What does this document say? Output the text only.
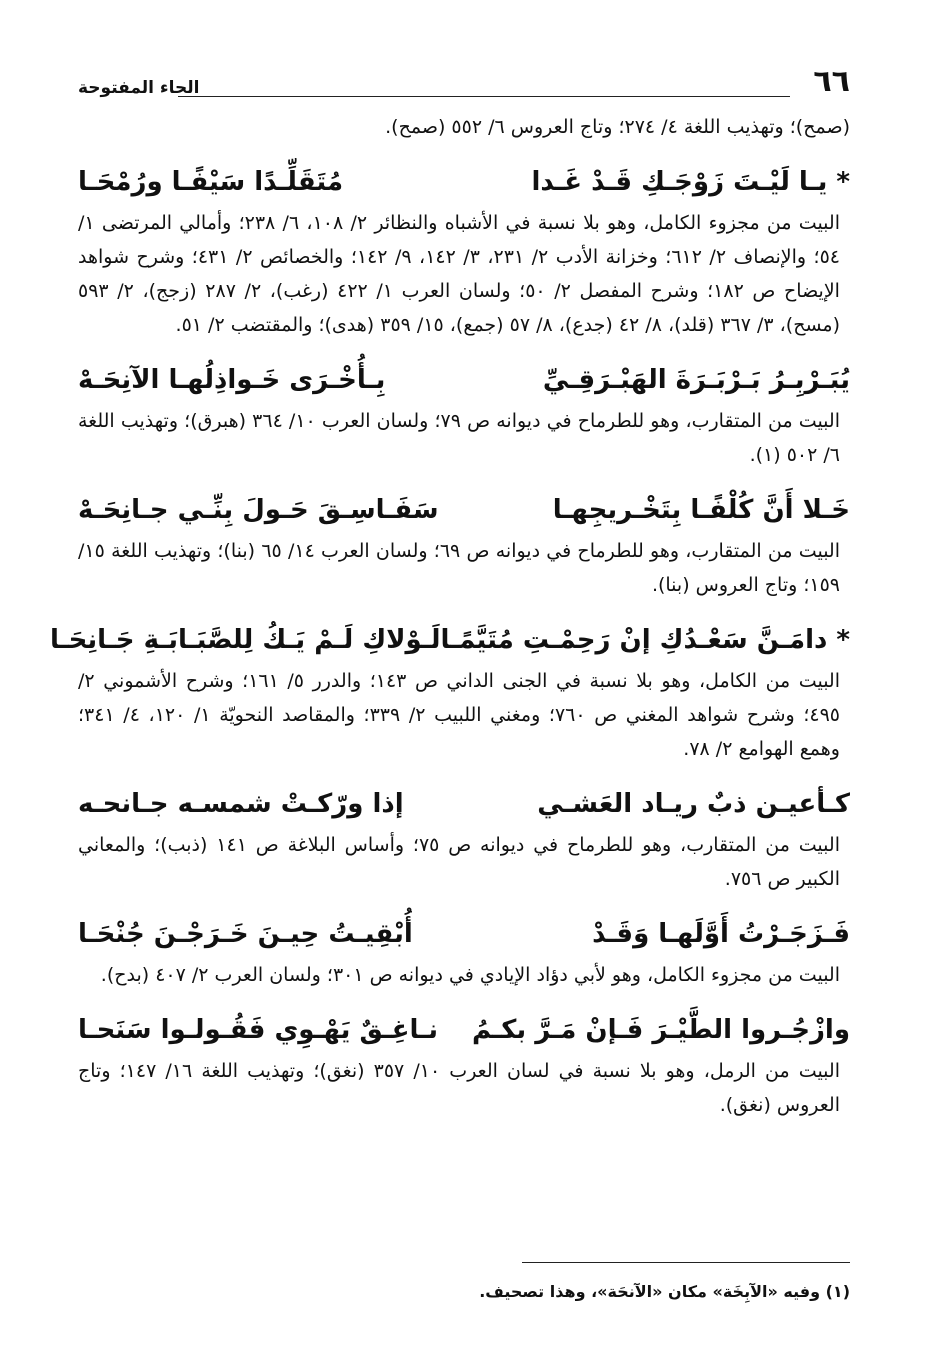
٦٦
الحاء المفتوحة

(صمح)؛ وتهذيب اللغة ٤/ ٢٧٤؛ وتاج العروس ٦/ ٥٥٢ (صمح).

* يـا لَيْـتَ زَوْجَـكِ قَـدْ غَـدا
مُتَقَلِّـدًا سَيْفًـا ورُمْحَـا

البيت من مجزوء الكامل، وهو بلا نسبة في الأشباه والنظائر ٢/ ١٠٨، ٦/ ٢٣٨؛ وأمالي المرتضى ١/ ٥٤؛ والإنصاف ٢/ ٦١٢؛ وخزانة الأدب ٢/ ٢٣١، ٣/ ١٤٢، ٩/ ١٤٢؛ والخصائص ٢/ ٤٣١؛ وشرح شواهد الإيضاح ص ١٨٢؛ وشرح المفصل ٢/ ٥٠؛ ولسان العرب ١/ ٤٢٢ (رغب)، ٢/ ٢٨٧ (زجج)، ٢/ ٥٩٣ (مسح)، ٣/ ٣٦٧ (قلد)، ٨/ ٤٢ (جدع)، ٨/ ٥٧ (جمع)، ١٥/ ٣٥٩ (هدى)؛ والمقتضب ٢/ ٥١.

يُبَـرْبِـرُ بَـرْبَـرَةَ الهَبْـرَقِـيِّ
بِـأُخْـرَى خَـواذِلُهـا الآنِحَـهْ

البيت من المتقارب، وهو للطرماح في ديوانه ص ٧٩؛ ولسان العرب ١٠/ ٣٦٤ (هبرق)؛ وتهذيب اللغة ٦/ ٥٠٢ (١).

خَـلا أَنَّ كُلْفًـا بِتَخْـريجِهـا
سَفَـاسِـقَ حَـولَ بِنِّـي جـانِحَـهْ

البيت من المتقارب، وهو للطرماح في ديوانه ص ٦٩؛ ولسان العرب ١٤/ ٦٥ (بنا)؛ وتهذيب اللغة ١٥/ ١٥٩؛ وتاج العروس (بنا).

* دامَـنَّ سَعْـدُكِ إنْ رَحِمْـتِ مُتَيَّمًـا
لَـوْلاكِ لَـمْ يَـكُ لِلصَّبَـابَـةِ جَـانِحَـا

البيت من الكامل، وهو بلا نسبة في الجنى الداني ص ١٤٣؛ والدرر ٥/ ١٦١؛ وشرح الأشموني ٢/ ٤٩٥؛ وشرح شواهد المغني ص ٧٦٠؛ ومغني اللبيب ٢/ ٣٣٩؛ والمقاصد النحويّة ١/ ١٢٠، ٤/ ٣٤١؛ وهمع الهوامع ٢/ ٧٨.

كـأعيـن ذبٌ ريـاد العَشـي
إذا ورّكـتْ شمسـه جـانحـه

البيت من المتقارب، وهو للطرماح في ديوانه ص ٧٥؛ وأساس البلاغة ص ١٤١ (ذبب)؛ والمعاني الكبير ص ٧٥٦.

فَـزَجَـرْتُ أَوَّلَهـا وَقَـدْ
أُبْقِيـتُ حِيـنَ خَـرَجْـنَ جُنْحَـا

البيت من مجزوء الكامل، وهو لأبي دؤاد الإيادي في ديوانه ص ٣٠١؛ ولسان العرب ٢/ ٤٠٧ (بدح).

وازْجُـروا الطَّيْـرَ فَـإنْ مَـرَّ بكـمُ
نـاغِـقٌ يَهْـوِي فَقُـولـوا سَنَحـا

البيت من الرمل، وهو بلا نسبة في لسان العرب ١٠/ ٣٥٧ (نغق)؛ وتهذيب اللغة ١٦/ ١٤٧؛ وتاج العروس (نغق).

(١) وفيه «الآبِخَة» مكان «الآنحَة»، وهذا تصحيف.
